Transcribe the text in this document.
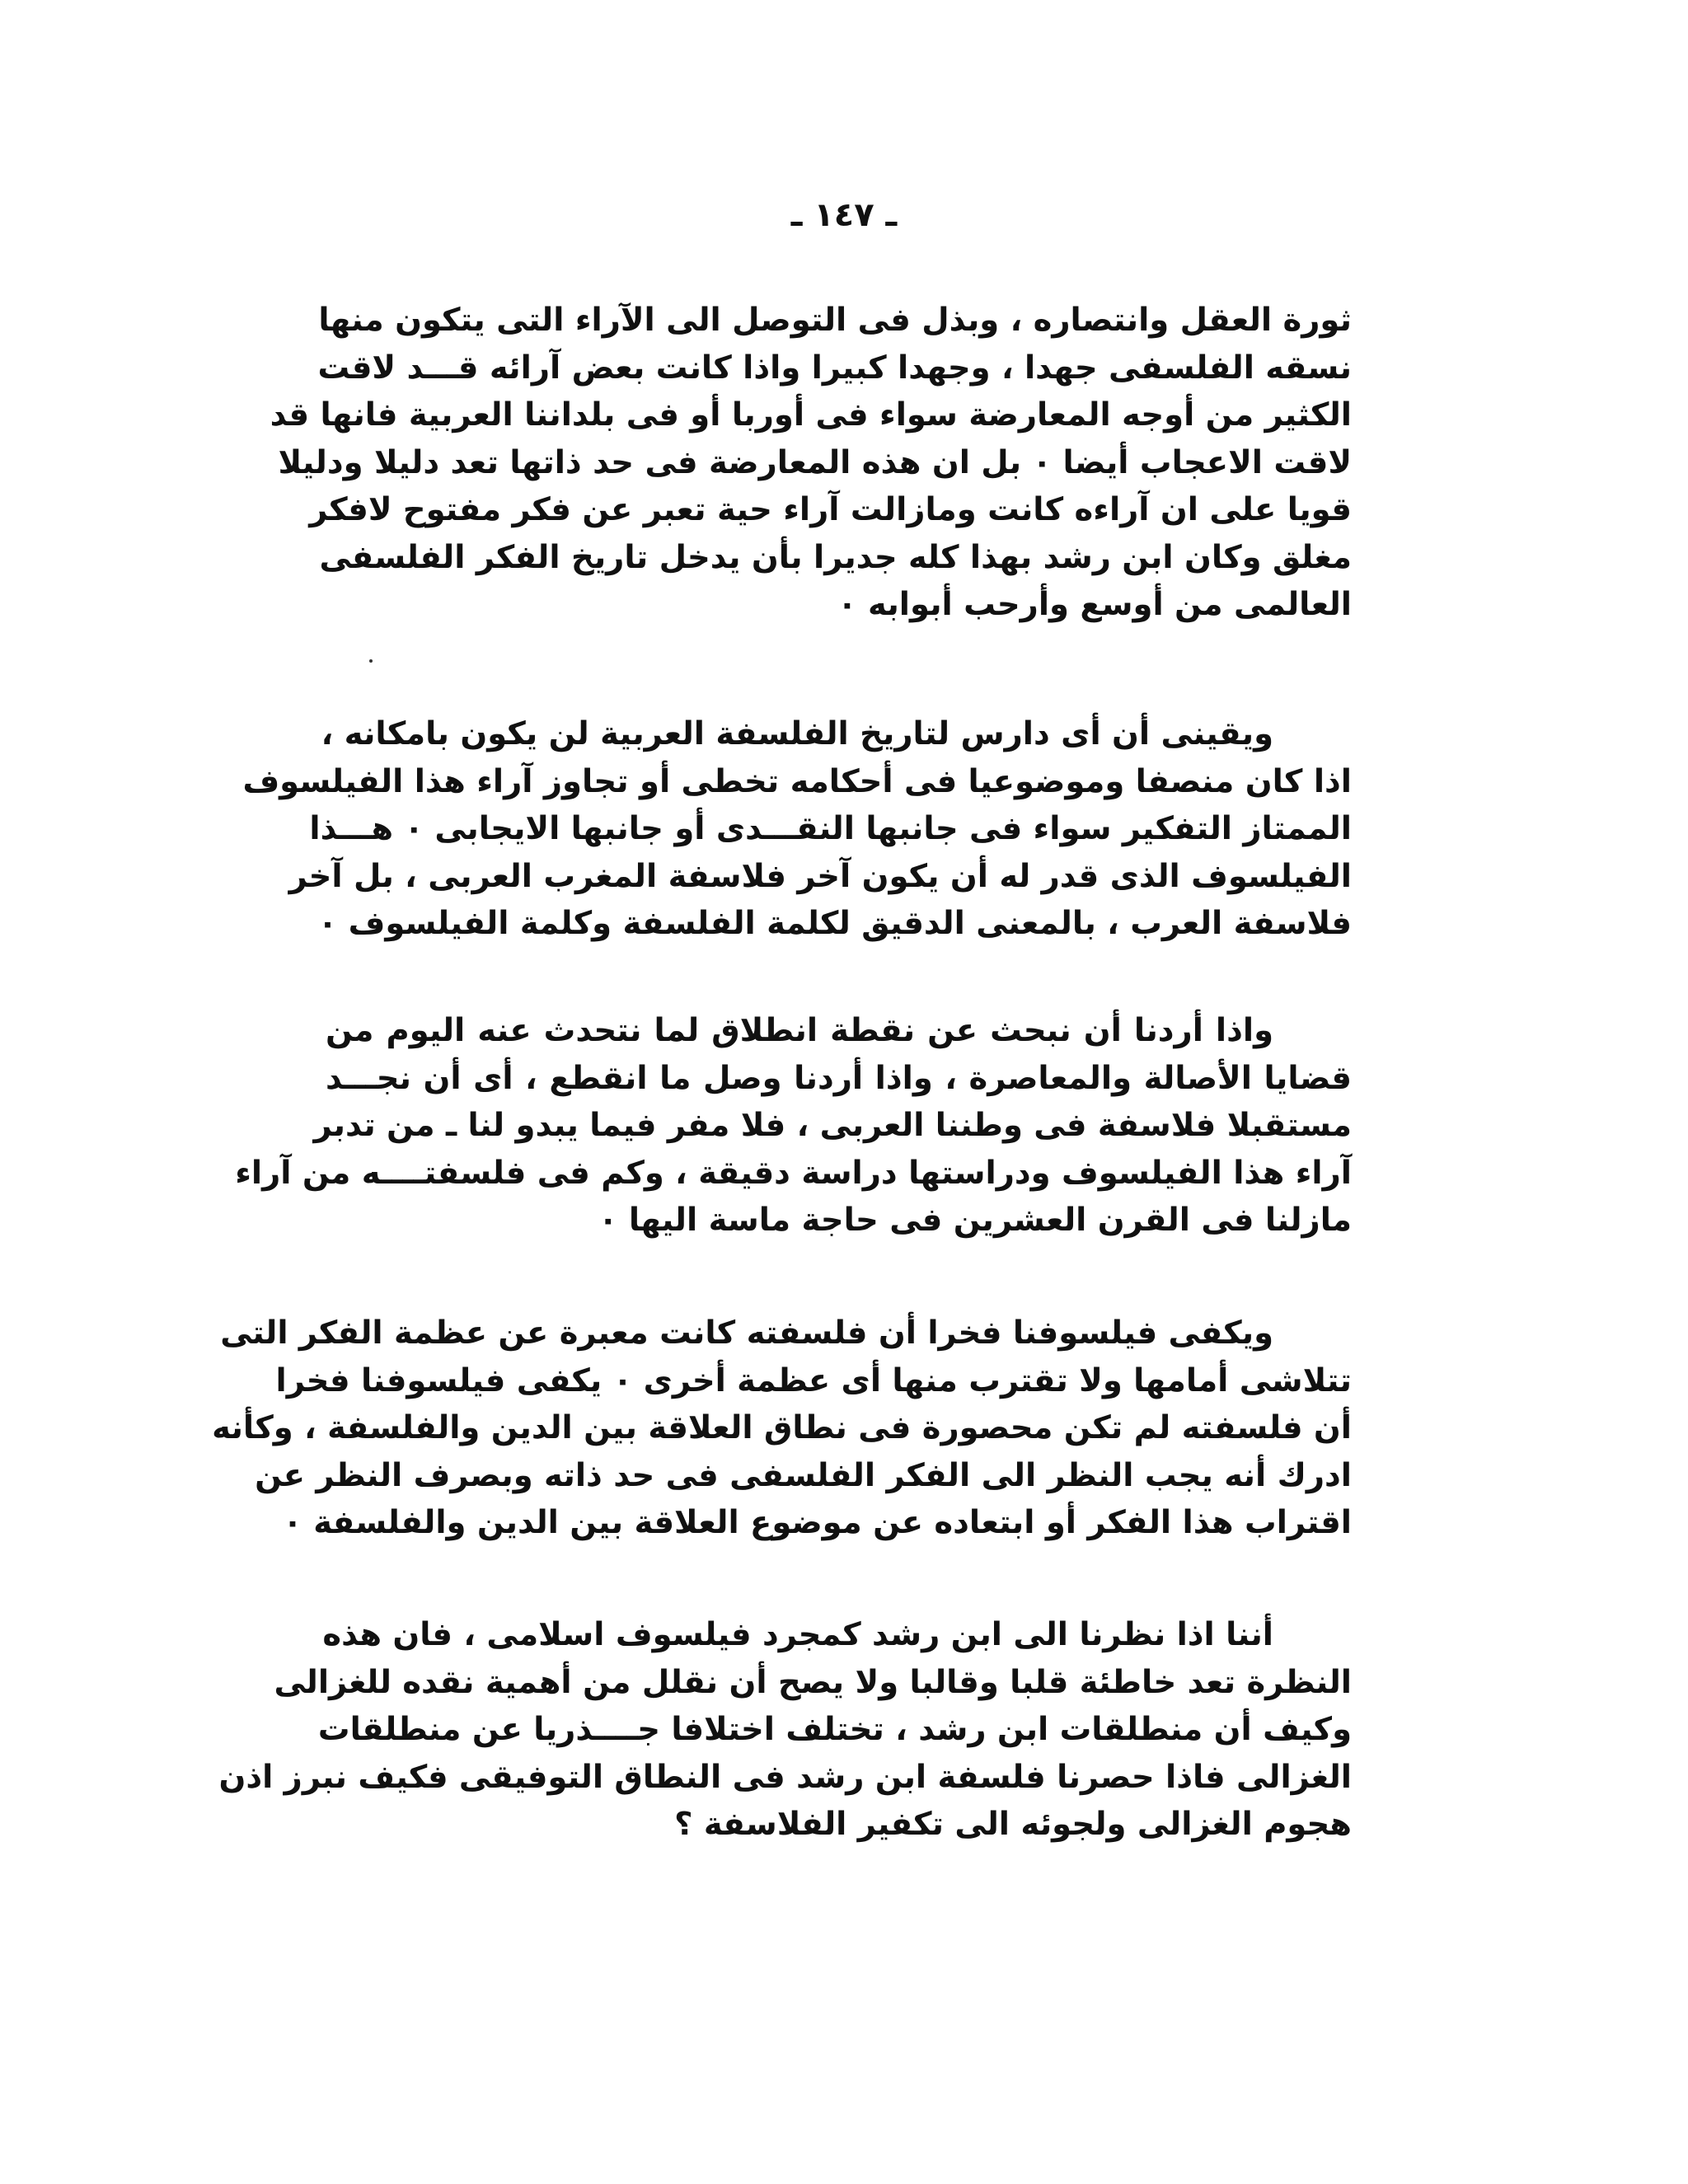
ـ ١٤٧ ـ
ثورة العقل وانتصاره ، وبذل فى التوصل الى الآراء التى يتكون منها
نسقه الفلسفى جهدا ، وجهدا كبيرا واذا كانت بعض آرائه قـــد لاقت
الكثير من أوجه المعارضة سواء فى أوربا أو فى بلداننا العربية فانها قد
لاقت الاعجاب أيضا ٠ بل ان هذه المعارضة فى حد ذاتها تعد دليلا ودليلا
قويا على ان آراءه كانت ومازالت آراء حية تعبر عن فكر مفتوح لافكر
مغلق وكان ابن رشد بهذا كله جديرا بأن يدخل تاريخ الفكر الفلسفى
العالمى من أوسع وأرحب أبوابه ٠
ويقينى أن أى دارس لتاريخ الفلسفة العربية لن يكون بامكانه ،
اذا كان منصفا وموضوعيا فى أحكامه تخطى أو تجاوز آراء هذا الفيلسوف
الممتاز التفكير سواء فى جانبها النقـــدى أو جانبها الايجابى ٠ هـــذا
الفيلسوف الذى قدر له أن يكون آخر فلاسفة المغرب العربى ، بل آخر
فلاسفة العرب ، بالمعنى الدقيق لكلمة الفلسفة وكلمة الفيلسوف ٠
واذا أردنا أن نبحث عن نقطة انطلاق لما نتحدث عنه اليوم من
قضايا الأصالة والمعاصرة ، واذا أردنا وصل ما انقطع ، أى أن نجـــد
مستقبلا فلاسفة فى وطننا العربى ، فلا مفر فيما يبدو لنا ـ من تدبر
آراء هذا الفيلسوف ودراستها دراسة دقيقة ، وكم فى فلسفتــــه من آراء
مازلنا فى القرن العشرين فى حاجة ماسة اليها ٠
ويكفى فيلسوفنا فخرا أن فلسفته كانت معبرة عن عظمة الفكر التى
تتلاشى أمامها ولا تقترب منها أى عظمة أخرى ٠ يكفى فيلسوفنا فخرا
أن فلسفته لم تكن محصورة فى نطاق العلاقة بين الدين والفلسفة ، وكأنه
ادرك أنه يجب النظر الى الفكر الفلسفى فى حد ذاته وبصرف النظر عن
اقتراب هذا الفكر أو ابتعاده عن موضوع العلاقة بين الدين والفلسفة ٠
أننا اذا نظرنا الى ابن رشد كمجرد فيلسوف اسلامى ، فان هذه
النظرة تعد خاطئة قلبا وقالبا ولا يصح أن نقلل من أهمية نقده للغزالى
وكيف أن منطلقات ابن رشد ، تختلف اختلافا جــــذريا عن منطلقات
الغزالى فاذا حصرنا فلسفة ابن رشد فى النطاق التوفيقى فكيف نبرز اذن
هجوم الغزالى ولجوئه الى تكفير الفلاسفة ؟
